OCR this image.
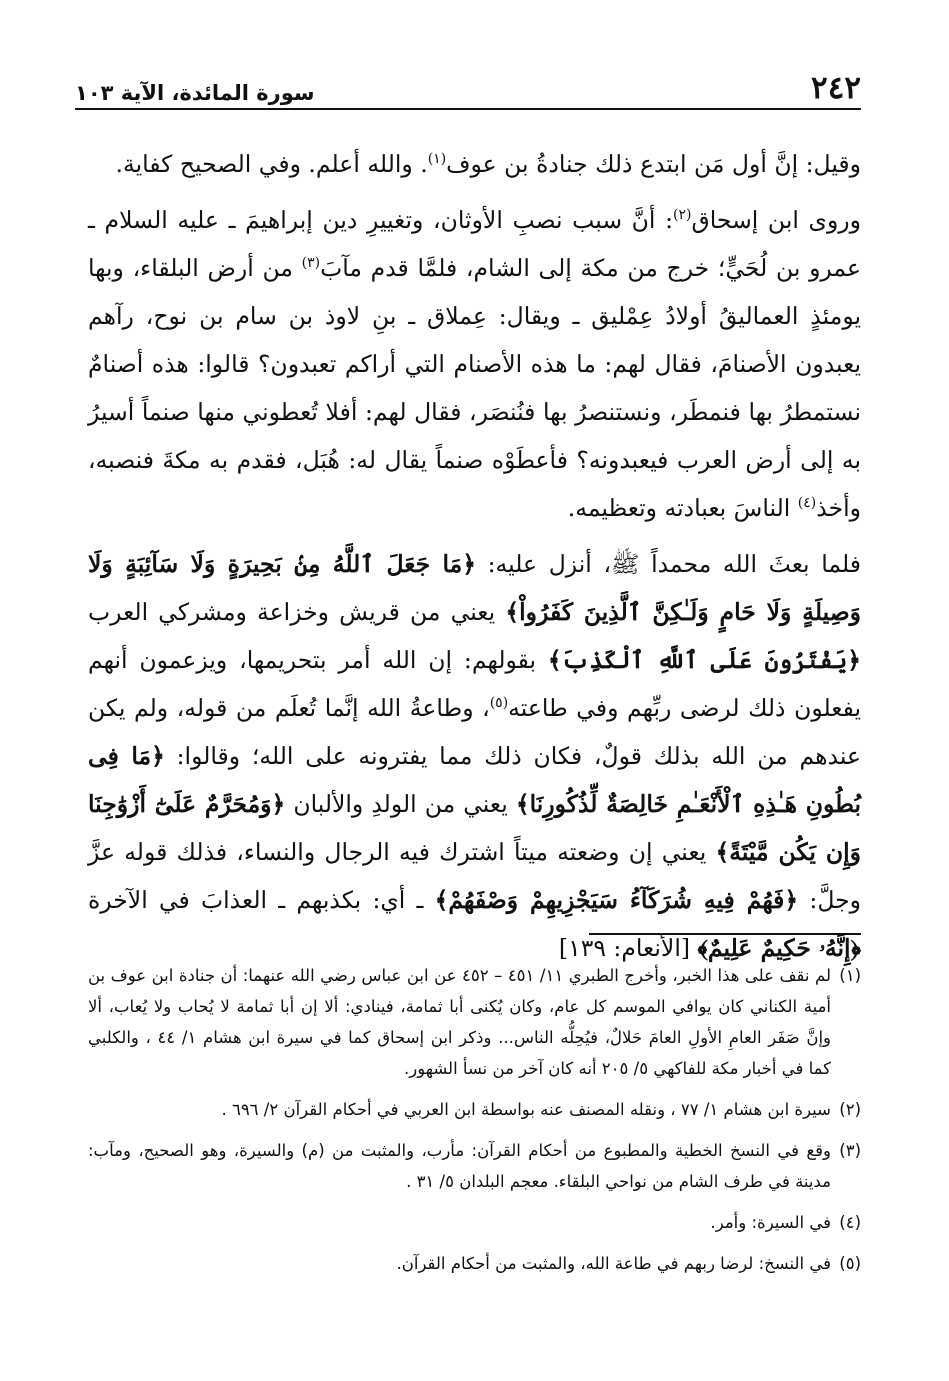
٢٤٢
سورة المائدة، الآية ١٠٣

وقيل: إنَّ أول مَن ابتدع ذلك جنادةُ بن عوف$^{(١)}$. والله أعلم. وفي الصحيح كفاية.

وروى ابن إسحاق$^{(٢)}$: أنَّ سبب نصبِ الأوثان، وتغييرِ دين إبراهيمَ ـ عليه السلام ـ عمرو بن لُحَيٍّ؛ خرج من مكة إلى الشام، فلمَّا قدم مآبَ$^{(٣)}$ من أرض البلقاء، وبها يومئذٍ العماليقُ أولادُ عِمْليق ـ ويقال: عِملاق ـ بنِ لاوذ بن سام بن نوح، رآهم يعبدون الأصنامَ، فقال لهم: ما هذه الأصنام التي أراكم تعبدون؟ قالوا: هذه أصنامٌ نستمطرُ بها فنمطَر، ونستنصرُ بها فنُنصَر، فقال لهم: أفلا تُعطوني منها صنماً أسيرُ به إلى أرض العرب فيعبدونه؟ فأعطَوْه صنماً يقال له: هُبَل، فقدم به مكةَ فنصبه، وأخذ$^{(٤)}$ الناسَ بعبادته وتعظيمه.

فلما بعثَ الله محمداً ﷺ، أنزل عليه: ﴿مَا جَعَلَ ٱللَّهُ مِنۢ بَحِيرَةٍ وَلَا سَآئِبَةٍ وَلَا وَصِيلَةٍ وَلَا حَامٍ وَلَـٰكِنَّ ٱلَّذِينَ كَفَرُواْ﴾ يعني من قريش وخزاعة ومشركي العرب ﴿يَفْتَرُونَ عَلَى ٱللَّهِ ٱلْكَذِبَ﴾ بقولهم: إن الله أمر بتحريمها، ويزعمون أنهم يفعلون ذلك لرضى ربِّهم وفي طاعته$^{(٥)}$، وطاعةُ الله إنَّما تُعلَم من قوله، ولم يكن عندهم من الله بذلك قولٌ، فكان ذلك مما يفترونه على الله؛ وقالوا: ﴿مَا فِى بُطُونِ هَـٰذِهِ ٱلْأَنْعَـٰمِ خَالِصَةٌ لِّذُكُورِنَا﴾ يعني من الولدِ والألبان ﴿وَمُحَرَّمٌ عَلَىٰٓ أَزْوَٰجِنَا وَإِن يَكُن مَّيْتَةً﴾ يعني إن وضعته ميتاً اشترك فيه الرجال والنساء، فذلك قوله عزَّ وجلَّ: ﴿فَهُمْ فِيهِ شُرَكَآءُ سَيَجْزِيهِمْ وَصْفَهُمْ﴾ ـ أي: بكذبهم ـ العذابَ في الآخرة ﴿إِنَّهُۥ حَكِيمٌ عَلِيمٌ﴾ [الأنعام: ١٣٩]

(١)
لم نقف على هذا الخبر، وأخرج الطبري ١١/ ٤٥١ – ٤٥٢ عن ابن عباس رضي الله عنهما: أن جنادة ابن عوف بن أمية الكناني كان يوافي الموسم كل عام، وكان يُكنى أبا ثمامة، فينادي: ألا إن أبا ثمامة لا يُحاب ولا يُعاب، ألا وإنَّ صَفَر العامِ الأولِ العامَ حَلالٌ، فيُحِلُّه الناس... وذكر ابن إسحاق كما في سيرة ابن هشام ١/ ٤٤ ، والكلبي كما في أخبار مكة للفاكهي ٥/ ٢٠٥ أنه كان آخر من نسأ الشهور.
(٢)
سيرة ابن هشام ١/ ٧٧ ، ونقله المصنف عنه بواسطة ابن العربي في أحكام القرآن ٢/ ٦٩٦ .
(٣)
وقع في النسخ الخطية والمطبوع من أحكام القرآن: مأرب، والمثبت من (م) والسيرة، وهو الصحيح، ومآب: مدينة في طرف الشام من نواحي البلقاء. معجم البلدان ٥/ ٣١ .
(٤)
في السيرة: وأمر.
(٥)
في النسخ: لرضا ربهم في طاعة الله، والمثبت من أحكام القرآن.
